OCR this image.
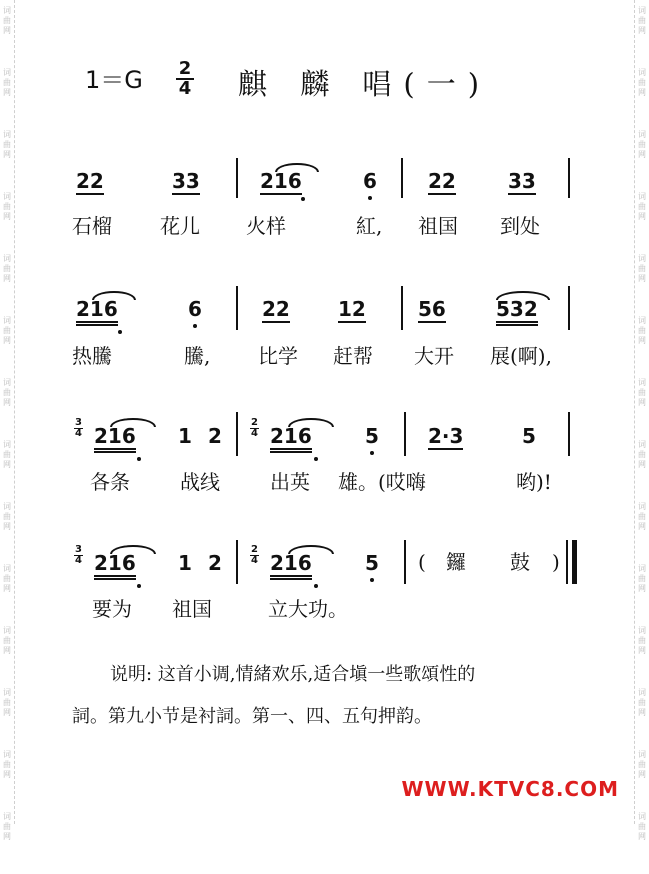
词曲网
词曲网
词曲网
词曲网
词曲网
词曲网
词曲网
词曲网
词曲网
词曲网
词曲网
词曲网
词曲网
词曲网
词曲网
词曲网
词曲网
词曲网
词曲网
词曲网
词曲网
词曲网
词曲网
词曲网
词曲网
词曲网
词曲网
词曲网
1＝G 2
4 麒 麟 唱(一)
22	33	216	6	22	33
石榴 花儿 火样	紅, 祖国 到处
216	6	22 12	56	532
热騰	騰, 比学 赶帮 大开 展(啊),
3
4 216 1 2
2
4 216	5 2·3	5
各条	战线	出英 雄。(哎嗨	哟)!
3
4 216 1 2
2
4 216	5 ( 鑼 鼓 )
要为 祖国	立大功。
说明: 这首小调,情緒欢乐,适合塡一些歌頌性的
詞。第九小节是衬詞。第一、四、五句押韵。
WWW.KTVC8.COM
